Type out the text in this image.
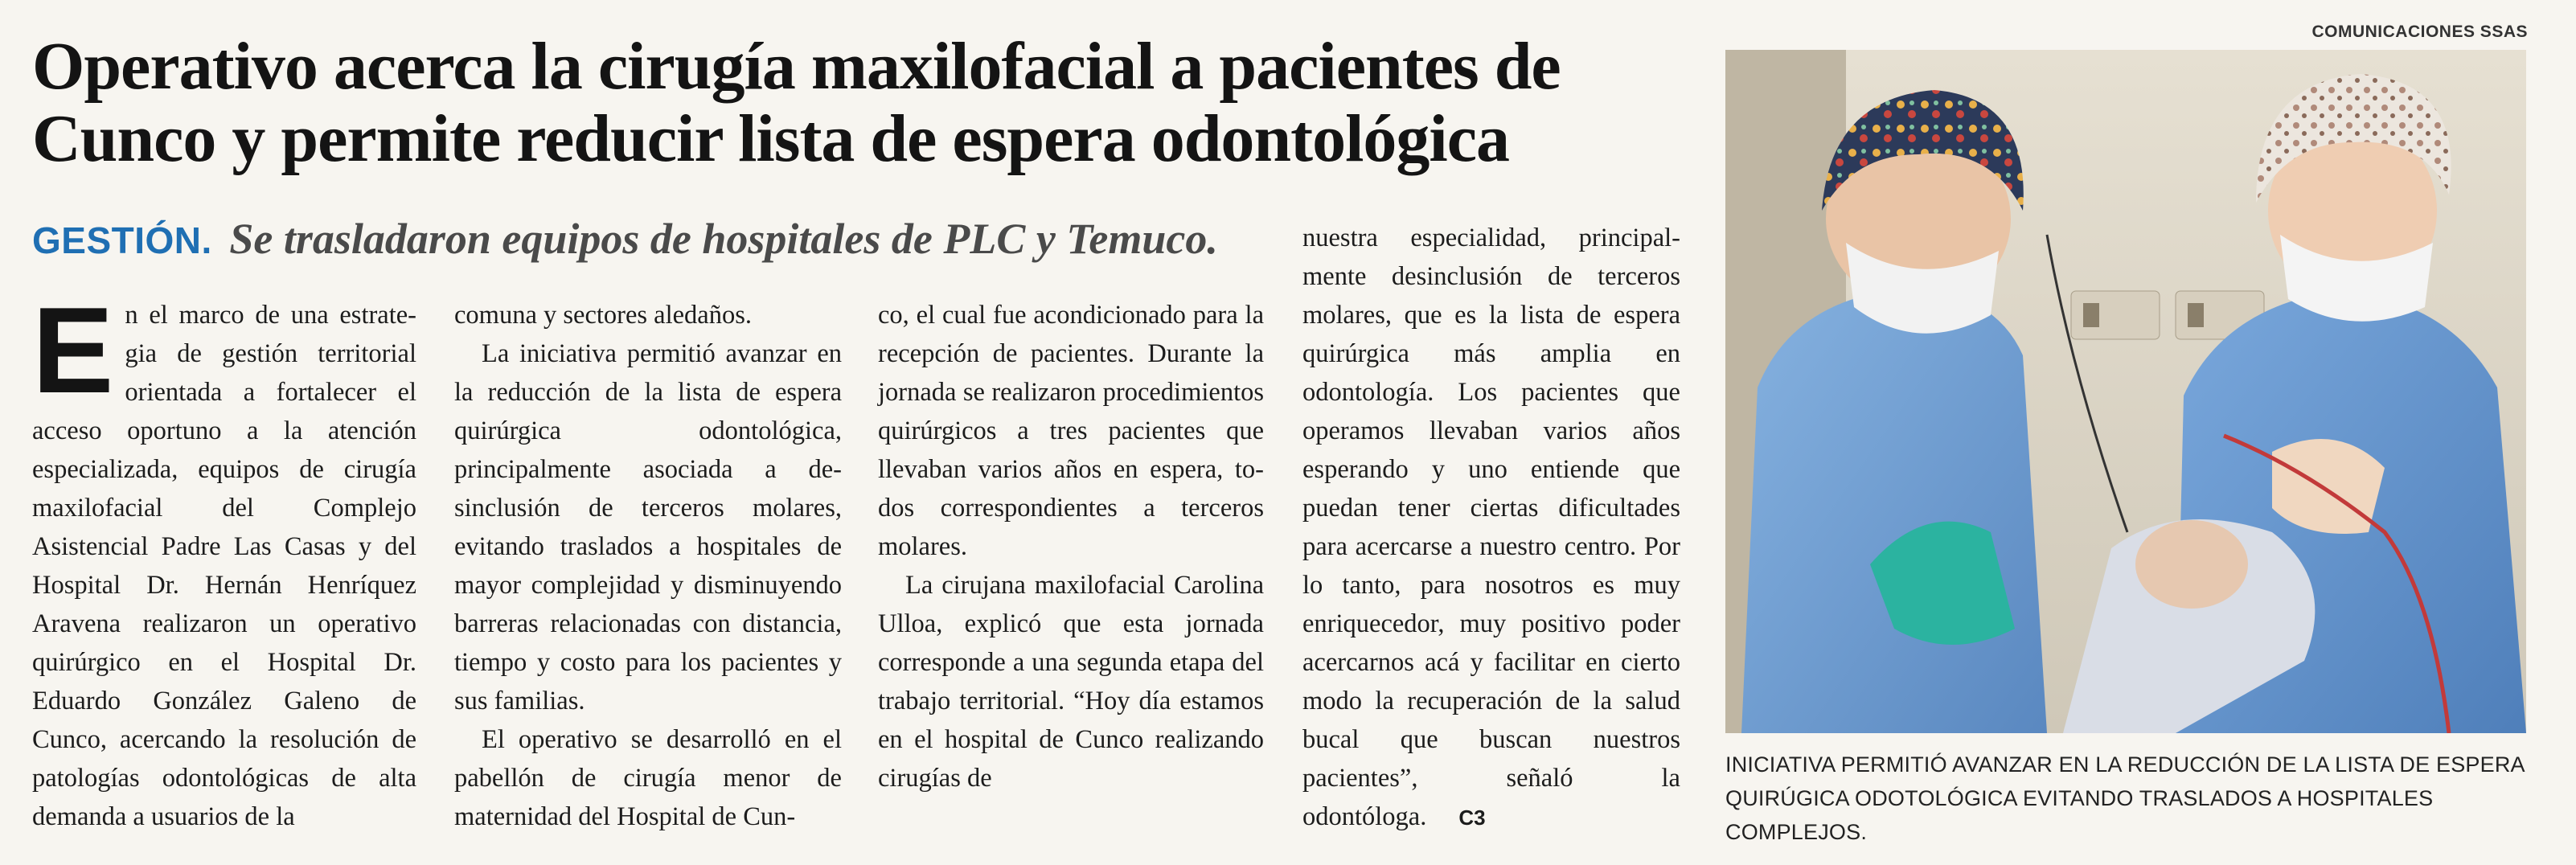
Operativo acerca la cirugía maxilofacial a pacientes de Cunco y permite reducir lista de espera odontológica
GESTIÓN. Se trasladaron equipos de hospitales de PLC y Temuco.

En el marco de una estrategia de gestión territorial orientada a fortalecer el acceso oportuno a la atención especializada, equipos de cirugía maxilofacial del Complejo Asistencial Padre Las Casas y del Hospital Dr. Hernán Henríquez Aravena realizaron un operativo quirúrgico en el Hospital Dr. Eduardo González Galeno de Cunco, acercando la resolución de patologías odontológicas de alta demanda a usuarios de la

comuna y sectores aledaños.

La iniciativa permitió avanzar en la reducción de la lista de espera quirúrgica odontológica, principalmente asociada a desinclusión de terceros molares, evitando traslados a hospitales de mayor complejidad y disminuyendo barreras relacionadas con distancia, tiempo y costo para los pacientes y sus familias.

El operativo se desarrolló en el pabellón de cirugía menor de maternidad del Hospital de Cun-

co, el cual fue acondicionado para la recepción de pacientes. Durante la jornada se realizaron procedimientos quirúrgicos a tres pacientes que llevaban varios años en espera, todos correspondientes a terceros molares.

La cirujana maxilofacial Carolina Ulloa, explicó que esta jornada corresponde a una segunda etapa del trabajo territorial. “Hoy día estamos en el hospital de Cunco realizando cirugías de

nuestra especialidad, principalmente desinclusión de terceros molares, que es la lista de espera quirúrgica más amplia en odontología. Los pacientes que operamos llevaban varios años esperando y uno entiende que puedan tener ciertas dificultades para acercarse a nuestro centro. Por lo tanto, para nosotros es muy enriquecedor, muy positivo poder acercarnos acá y facilitar en cierto modo la recuperación de la salud bucal que buscan nuestros pacientes”, señaló la odontóloga. C3

COMUNICACIONES SSAS
INICIATIVA PERMITIÓ AVANZAR EN LA REDUCCIÓN DE LA LISTA DE ESPERA QUIRÚGICA ODOTOLÓGICA EVITANDO TRASLADOS A HOSPITALES COMPLEJOS.
